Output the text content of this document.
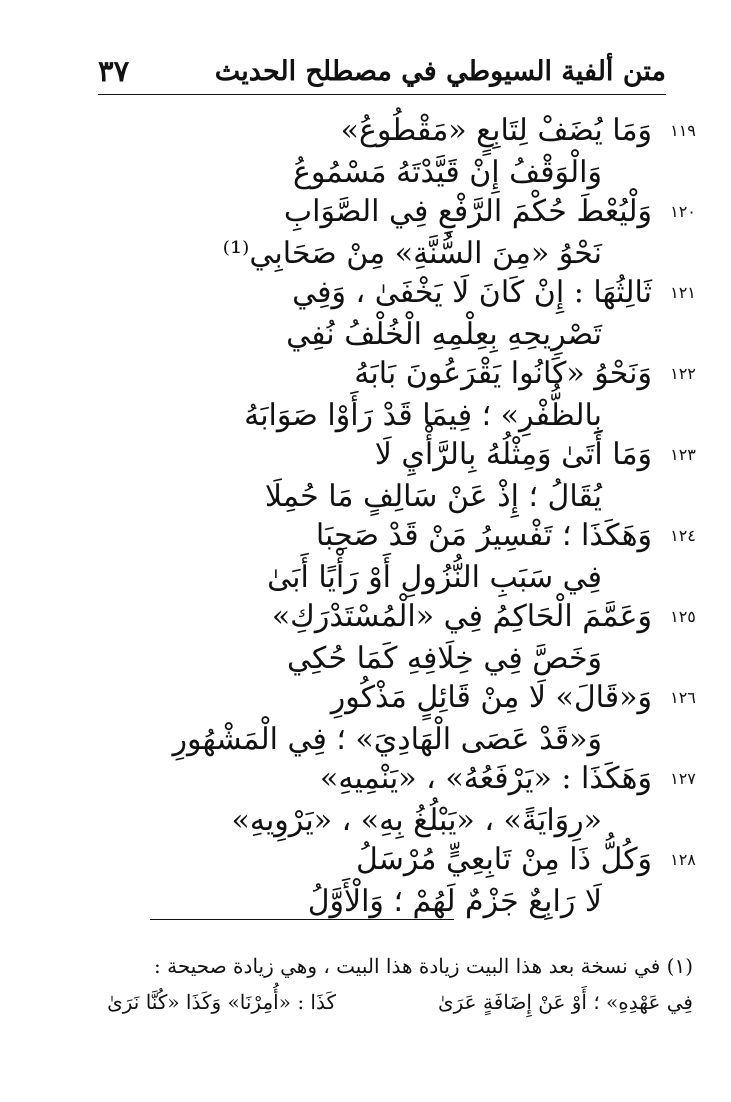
متن ألفية السيوطي في مصطلح الحديث
٣٧
١١٩
وَمَا يُضَفْ لِتَابِعٍ «مَقْطُوعُ»
وَالْوَقْفُ إِنْ قَيَّدْتَهُ مَسْمُوعُ
١٢٠
وَلْيُعْطَ حُكْمَ الرَّفْعِ فِي الصَّوَابِ
نَحْوُ «مِنَ السُّنَّةِ» مِنْ صَحَابِي⁽¹⁾
١٢١
ثَالِثُهَا : إِنْ كَانَ لَا يَخْفَىٰ ، وَفِي
تَصْرِيحِهِ بِعِلْمِهِ الْخُلْفُ نُفِي
١٢٢
وَنَحْوُ «كَانُوا يَقْرَعُونَ بَابَهُ
بِالظُّفْرِ» ؛ فِيمَا قَدْ رَأَوْا صَوَابَهُ
١٢٣
وَمَا أَتَىٰ وَمِثْلُهُ بِالرَّأْيِ لَا
يُقَالُ ؛ إِذْ عَنْ سَالِفٍ مَا حُمِلَا
١٢٤
وَهَكَذَا ؛ تَفْسِيرُ مَنْ قَدْ صَحِبَا
فِي سَبَبِ النُّزُولِ أَوْ رَأْيًا أَبَىٰ
١٢٥
وَعَمَّمَ الْحَاكِمُ فِي «الْمُسْتَدْرَكِ»
وَخَصَّ فِي خِلَافِهِ كَمَا حُكِي
١٢٦
وَ«قَالَ» لَا مِنْ قَائِلٍ مَذْكُورِ
وَ«قَدْ عَصَى الْهَادِيَ» ؛ فِي الْمَشْهُورِ
١٢٧
وَهَكَذَا : «يَرْفَعُهُ» ، «يَنْمِيهِ»
«رِوَايَةً» ، «يَبْلُغُ بِهِ» ، «يَرْوِيهِ»
١٢٨
وَكُلُّ ذَا مِنْ تَابِعِيٍّ مُرْسَلُ
لَا رَابِعٌ جَزْمٌ لَهُمْ ؛ وَالْأَوَّلُ
(١) في نسخة بعد هذا البيت زيادة هذا البيت ، وهي زيادة صحيحة :
كَذَا : «أُمِرْنَا» وَكَذَا «كُنَّا نَرَىٰ	فِي عَهْدِهِ» ؛ أَوْ عَنْ إِضَافَةٍ عَرَىٰ
